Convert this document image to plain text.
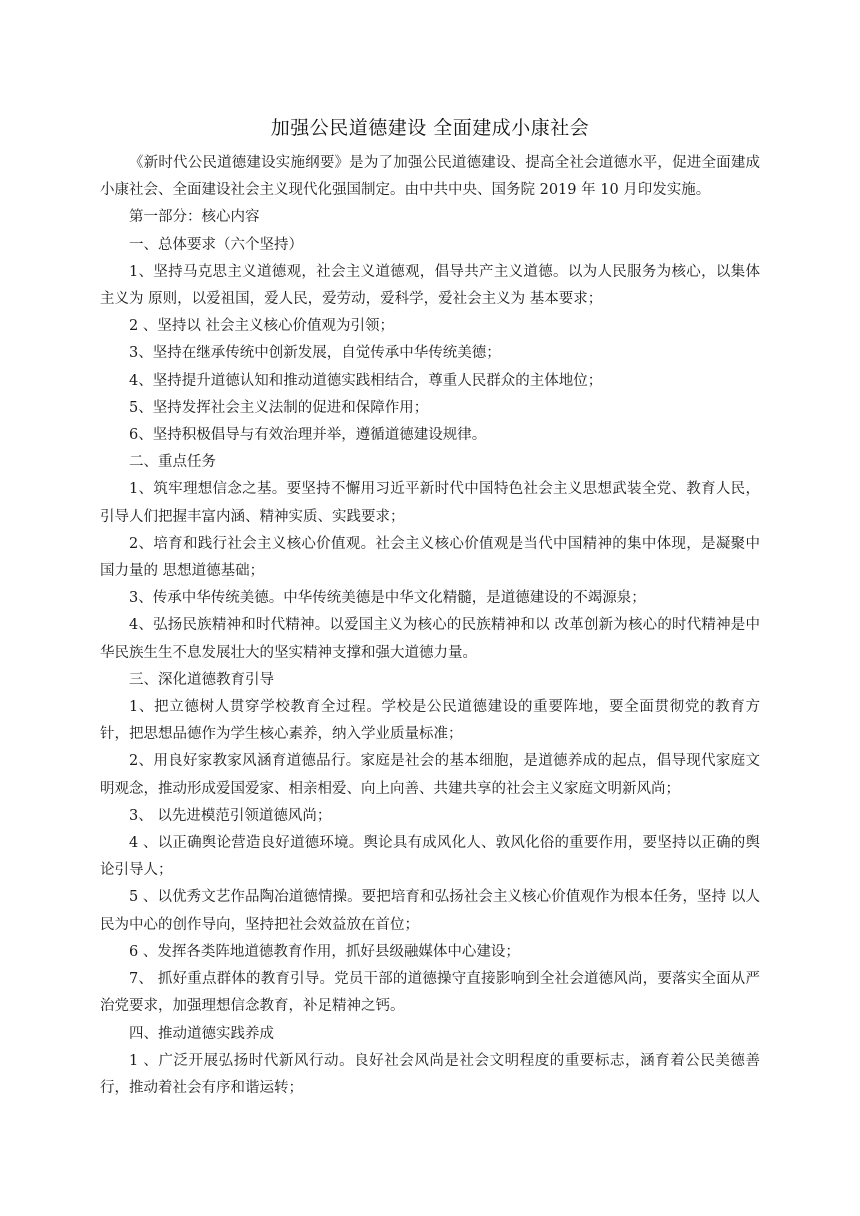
加强公民道德建设 全面建成小康社会

《新时代公民道德建设实施纲要》是为了加强公民道德建设、提高全社会道德水平，促进全面建成小康社会、全面建设社会主义现代化强国制定。由中共中央、国务院 2019 年 10 月印发实施。

第一部分：核心内容

一、总体要求（六个坚持）

1、坚持马克思主义道德观，社会主义道德观，倡导共产主义道德。以为人民服务为核心，以集体主义为 原则，以爱祖国，爱人民，爱劳动，爱科学，爱社会主义为 基本要求；

2 、坚持以 社会主义核心价值观为引领；

3、坚持在继承传统中创新发展，自觉传承中华传统美德；

4、坚持提升道德认知和推动道德实践相结合，尊重人民群众的主体地位；

5、坚持发挥社会主义法制的促进和保障作用；

6、坚持积极倡导与有效治理并举，遵循道德建设规律。

二、重点任务

1、筑牢理想信念之基。要坚持不懈用习近平新时代中国特色社会主义思想武装全党、教育人民，引导人们把握丰富内涵、精神实质、实践要求；

2、培育和践行社会主义核心价值观。社会主义核心价值观是当代中国精神的集中体现，是凝聚中国力量的 思想道德基础；

3、传承中华传统美德。中华传统美德是中华文化精髓，是道德建设的不竭源泉；

4、弘扬民族精神和时代精神。以爱国主义为核心的民族精神和以 改革创新为核心的时代精神是中华民族生生不息发展壮大的坚实精神支撑和强大道德力量。

三、深化道德教育引导

1、把立德树人贯穿学校教育全过程。学校是公民道德建设的重要阵地，要全面贯彻党的教育方针，把思想品德作为学生核心素养，纳入学业质量标准；

2、用良好家教家风涵育道德品行。家庭是社会的基本细胞，是道德养成的起点，倡导现代家庭文明观念，推动形成爱国爱家、相亲相爱、向上向善、共建共享的社会主义家庭文明新风尚；

3、 以先进模范引领道德风尚；

4 、以正确舆论营造良好道德环境。舆论具有成风化人、敦风化俗的重要作用，要坚持以正确的舆论引导人；

5 、以优秀文艺作品陶冶道德情操。要把培育和弘扬社会主义核心价值观作为根本任务，坚持 以人民为中心的创作导向，坚持把社会效益放在首位；

6 、发挥各类阵地道德教育作用，抓好县级融媒体中心建设；

7、 抓好重点群体的教育引导。党员干部的道德操守直接影响到全社会道德风尚，要落实全面从严治党要求，加强理想信念教育，补足精神之钙。

四、推动道德实践养成

1 、广泛开展弘扬时代新风行动。良好社会风尚是社会文明程度的重要标志，涵育着公民美德善行，推动着社会有序和谐运转；
